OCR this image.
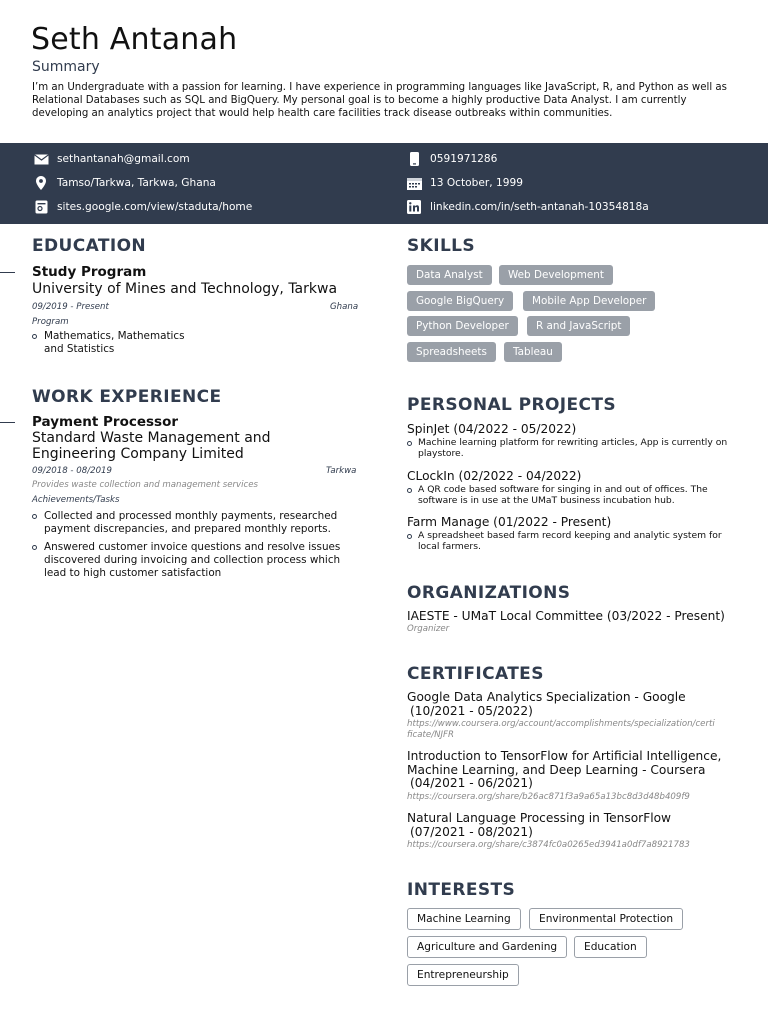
Seth Antanah
Summary
I’m an Undergraduate with a passion for learning. I have experience in programming languages like JavaScript, R, and Python as well as Relational Databases such as SQL and BigQuery. My personal goal is to become a highly productive Data Analyst. I am currently developing an analytics project that would help health care facilities track disease outbreaks within communities.
sethantanah@gmail.com
Tamso/Tarkwa, Tarkwa, Ghana
sites.google.com/view/staduta/home
0591971286
13 October, 1999
linkedin.com/in/seth-antanah-10354818a
EDUCATION
Study Program
University of Mines and Technology, Tarkwa
09/2019 - Present	Ghana
Program
Mathematics, Mathematics and Statistics
WORK EXPERIENCE
Payment Processor
Standard Waste Management and Engineering Company Limited
09/2018 - 08/2019	Tarkwa
Provides waste collection and management services
Achievements/Tasks
Collected and processed monthly payments, researched payment discrepancies, and prepared monthly reports.
Answered customer invoice questions and resolve issues discovered during invoicing and collection process which lead to high customer satisfaction
SKILLS
Data Analyst	Web Development
Google BigQuery	Mobile App Developer
Python Developer	R and JavaScript
Spreadsheets	Tableau
PERSONAL PROJECTS
SpinJet (04/2022 - 05/2022)
Machine learning platform for rewriting articles, App is currently on playstore.
CLockIn (02/2022 - 04/2022)
A QR code based software for singing in and out of offices. The software is in use at the UMaT business incubation hub.
Farm Manage (01/2022 - Present)
A spreadsheet based farm record keeping and analytic system for local farmers.
ORGANIZATIONS
IAESTE - UMaT Local Committee (03/2022 - Present)
Organizer
CERTIFICATES
Google Data Analytics Specialization - Google
(10/2021 - 05/2022)
https://www.coursera.org/account/accomplishments/specialization/certi
ficate/NJFR
Introduction to TensorFlow for Artificial Intelligence,
Machine Learning, and Deep Learning - Coursera
(04/2021 - 06/2021)
https://coursera.org/share/b26ac871f3a9a65a13bc8d3d48b409f9
Natural Language Processing in TensorFlow
(07/2021 - 08/2021)
https://coursera.org/share/c3874fc0a0265ed3941a0df7a8921783
INTERESTS
Machine Learning	Environmental Protection
Agriculture and Gardening	Education
Entrepreneurship
